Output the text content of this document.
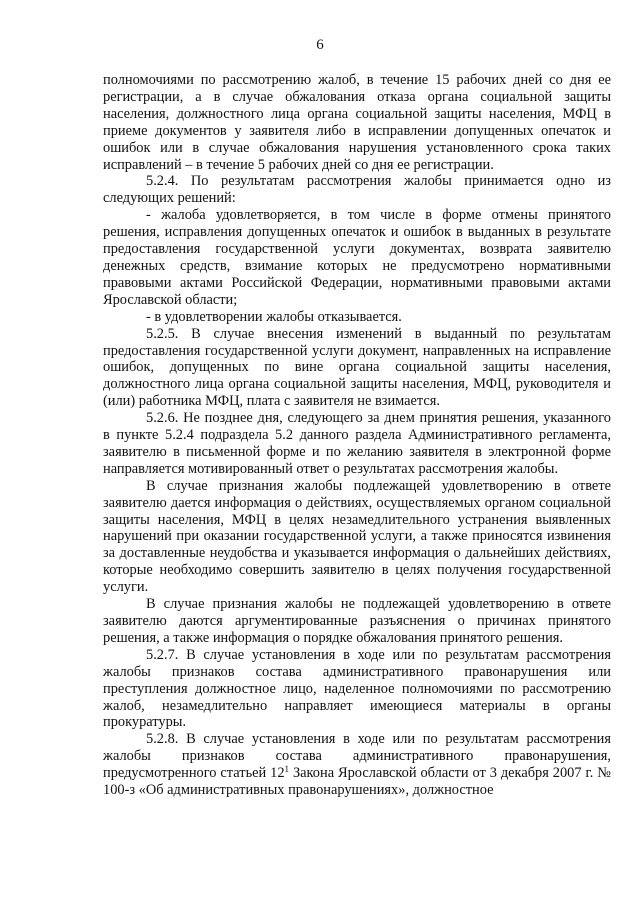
6

полномочиями по рассмотрению жалоб, в течение 15 рабочих дней со дня ее регистрации, а в случае обжалования отказа органа социальной защиты населения, должностного лица органа социальной защиты населения, МФЦ в приеме документов у заявителя либо в исправлении допущенных опечаток и ошибок или в случае обжалования нарушения установленного срока таких исправлений – в течение 5 рабочих дней со дня ее регистрации.

5.2.4. По результатам рассмотрения жалобы принимается одно из следующих решений:

- жалоба удовлетворяется, в том числе в форме отмены принятого решения, исправления допущенных опечаток и ошибок в выданных в результате предоставления государственной услуги документах, возврата заявителю денежных средств, взимание которых не предусмотрено нормативными правовыми актами Российской Федерации, нормативными правовыми актами Ярославской области;

- в удовлетворении жалобы отказывается.

5.2.5. В случае внесения изменений в выданный по результатам предоставления государственной услуги документ, направленных на исправление ошибок, допущенных по вине органа социальной защиты населения, должностного лица органа социальной защиты населения, МФЦ, руководителя и (или) работника МФЦ, плата с заявителя не взимается.

5.2.6. Не позднее дня, следующего за днем принятия решения, указанного в пункте 5.2.4 подраздела 5.2 данного раздела Административного регламента, заявителю в письменной форме и по желанию заявителя в электронной форме направляется мотивированный ответ о результатах рассмотрения жалобы.

В случае признания жалобы подлежащей удовлетворению в ответе заявителю дается информация о действиях, осуществляемых органом социальной защиты населения, МФЦ в целях незамедлительного устранения выявленных нарушений при оказании государственной услуги, а также приносятся извинения за доставленные неудобства и указывается информация о дальнейших действиях, которые необходимо совершить заявителю в целях получения государственной услуги.

В случае признания жалобы не подлежащей удовлетворению в ответе заявителю даются аргументированные разъяснения о причинах принятого решения, а также информация о порядке обжалования принятого решения.

5.2.7. В случае установления в ходе или по результатам рассмотрения жалобы признаков состава административного правонарушения или преступления должностное лицо, наделенное полномочиями по рассмотрению жалоб, незамедлительно направляет имеющиеся материалы в органы прокуратуры.

5.2.8. В случае установления в ходе или по результатам рассмотрения жалобы признаков состава административного правонарушения, предусмотренного статьей $12^1$ Закона Ярославской области от 3 декабря 2007 г. № 100-з «Об административных правонарушениях», должностное
